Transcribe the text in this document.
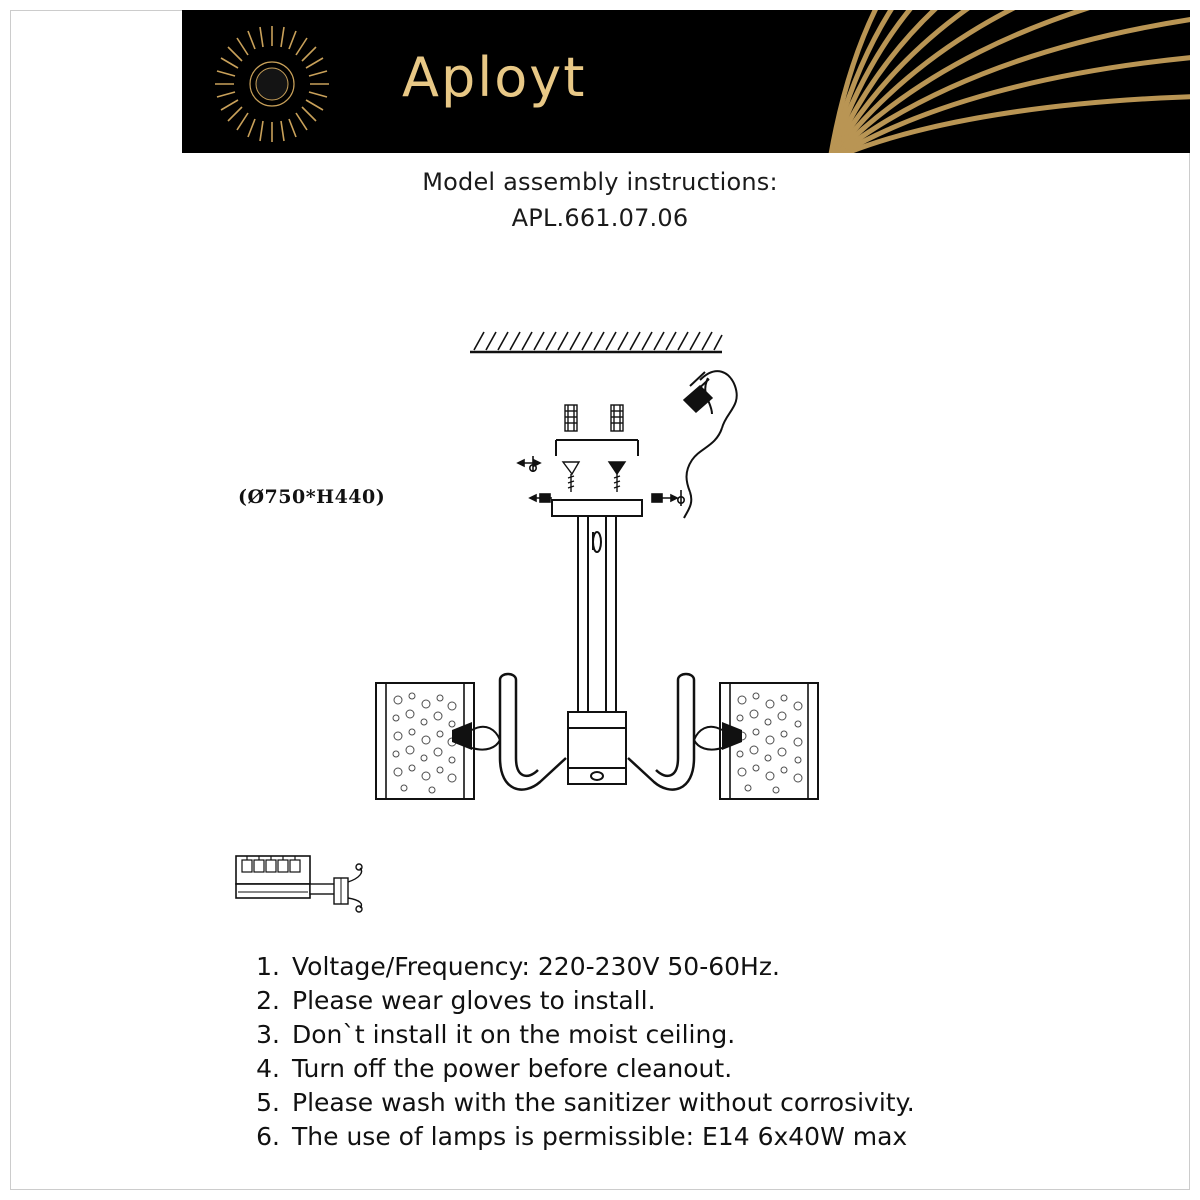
Aployt
Model assembly instructions:
APL.661.07.06
(Ø750*H440)
1. Voltage/Frequency: 220-230V 50-60Hz.
2. Please wear gloves to install.
3. Don`t install it on the moist ceiling.
4. Turn off the power before cleanout.
5. Please wash with the sanitizer without corrosivity.
6. The use of lamps is permissible: E14 6x40W max
